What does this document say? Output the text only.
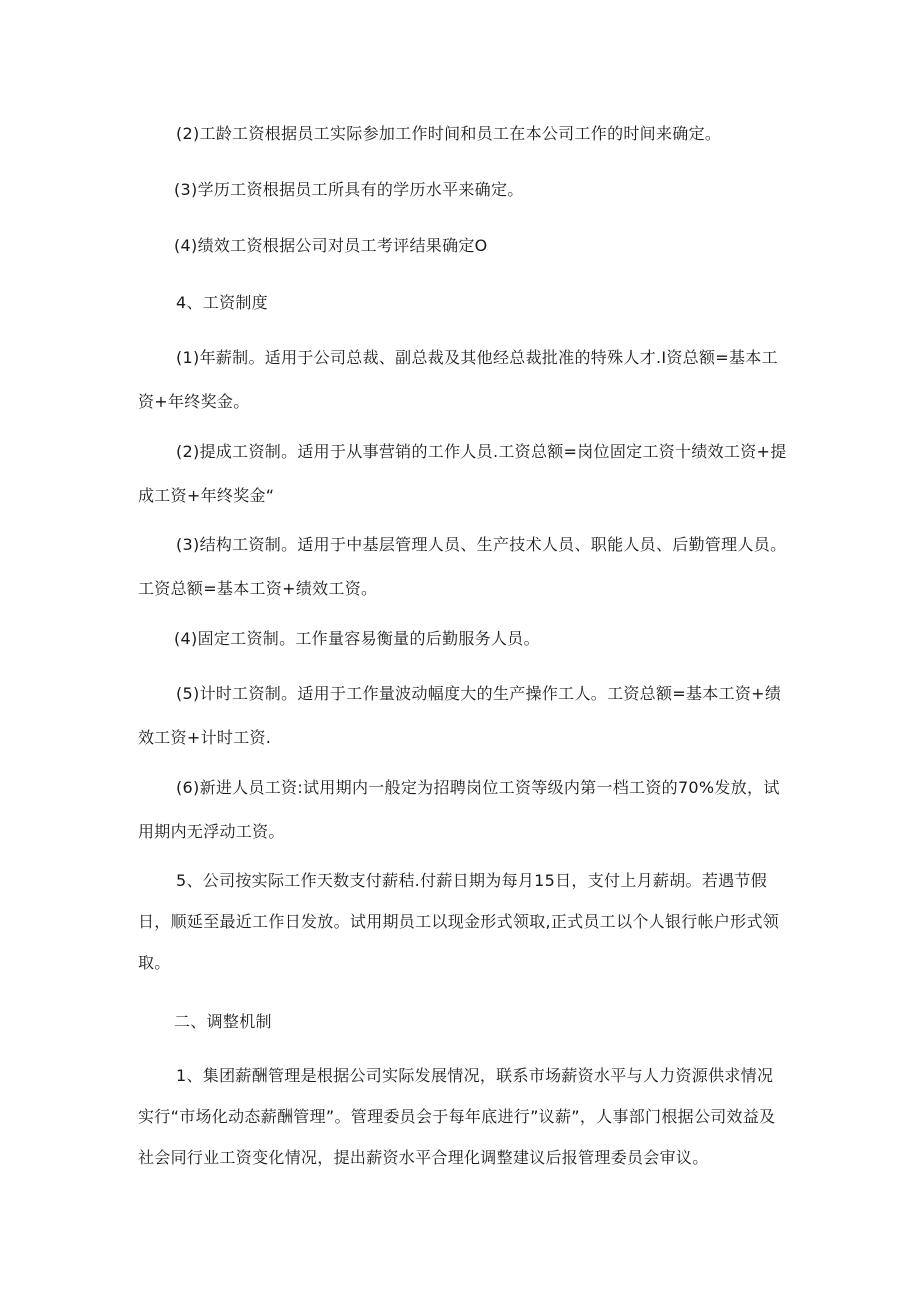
(2)工龄工资根据员工实际参加工作时间和员工在本公司工作的时间来确定。

(3)学历工资根据员工所具有的学历水平来确定。

(4)绩效工资根据公司对员工考评结果确定O

4、工资制度

(1)年薪制。适用于公司总裁、副总裁及其他经总裁批准的特殊人才.I资总额=基本工资+年终奖金。

(2)提成工资制。适用于从事营销的工作人员.工资总额=岗位固定工资十绩效工资+提成工资+年终奖金“

(3)结构工资制。适用于中基层管理人员、生产技术人员、职能人员、后勤管理人员。工资总额=基本工资+绩效工资。

(4)固定工资制。工作量容易衡量的后勤服务人员。

(5)计时工资制。适用于工作量波动幅度大的生产操作工人。工资总额=基本工资+绩效工资+计时工资.

(6)新进人员工资:试用期内一般定为招聘岗位工资等级内第一档工资的70%发放，试用期内无浮动工资。

5、公司按实际工作天数支付薪秸.付薪日期为每月15日，支付上月薪胡。若遇节假日，顺延至最近工作日发放。试用期员工以现金形式领取,正式员工以个人银行帐户形式领取。

二、调整机制

1、集团薪酬管理是根据公司实际发展情况，联系市场薪资水平与人力资源供求情况实行“市场化动态薪酬管理”。管理委员会于每年底进行”议薪”，人事部门根据公司效益及社会同行业工资变化情况，提出薪资水平合理化调整建议后报管理委员会审议。
